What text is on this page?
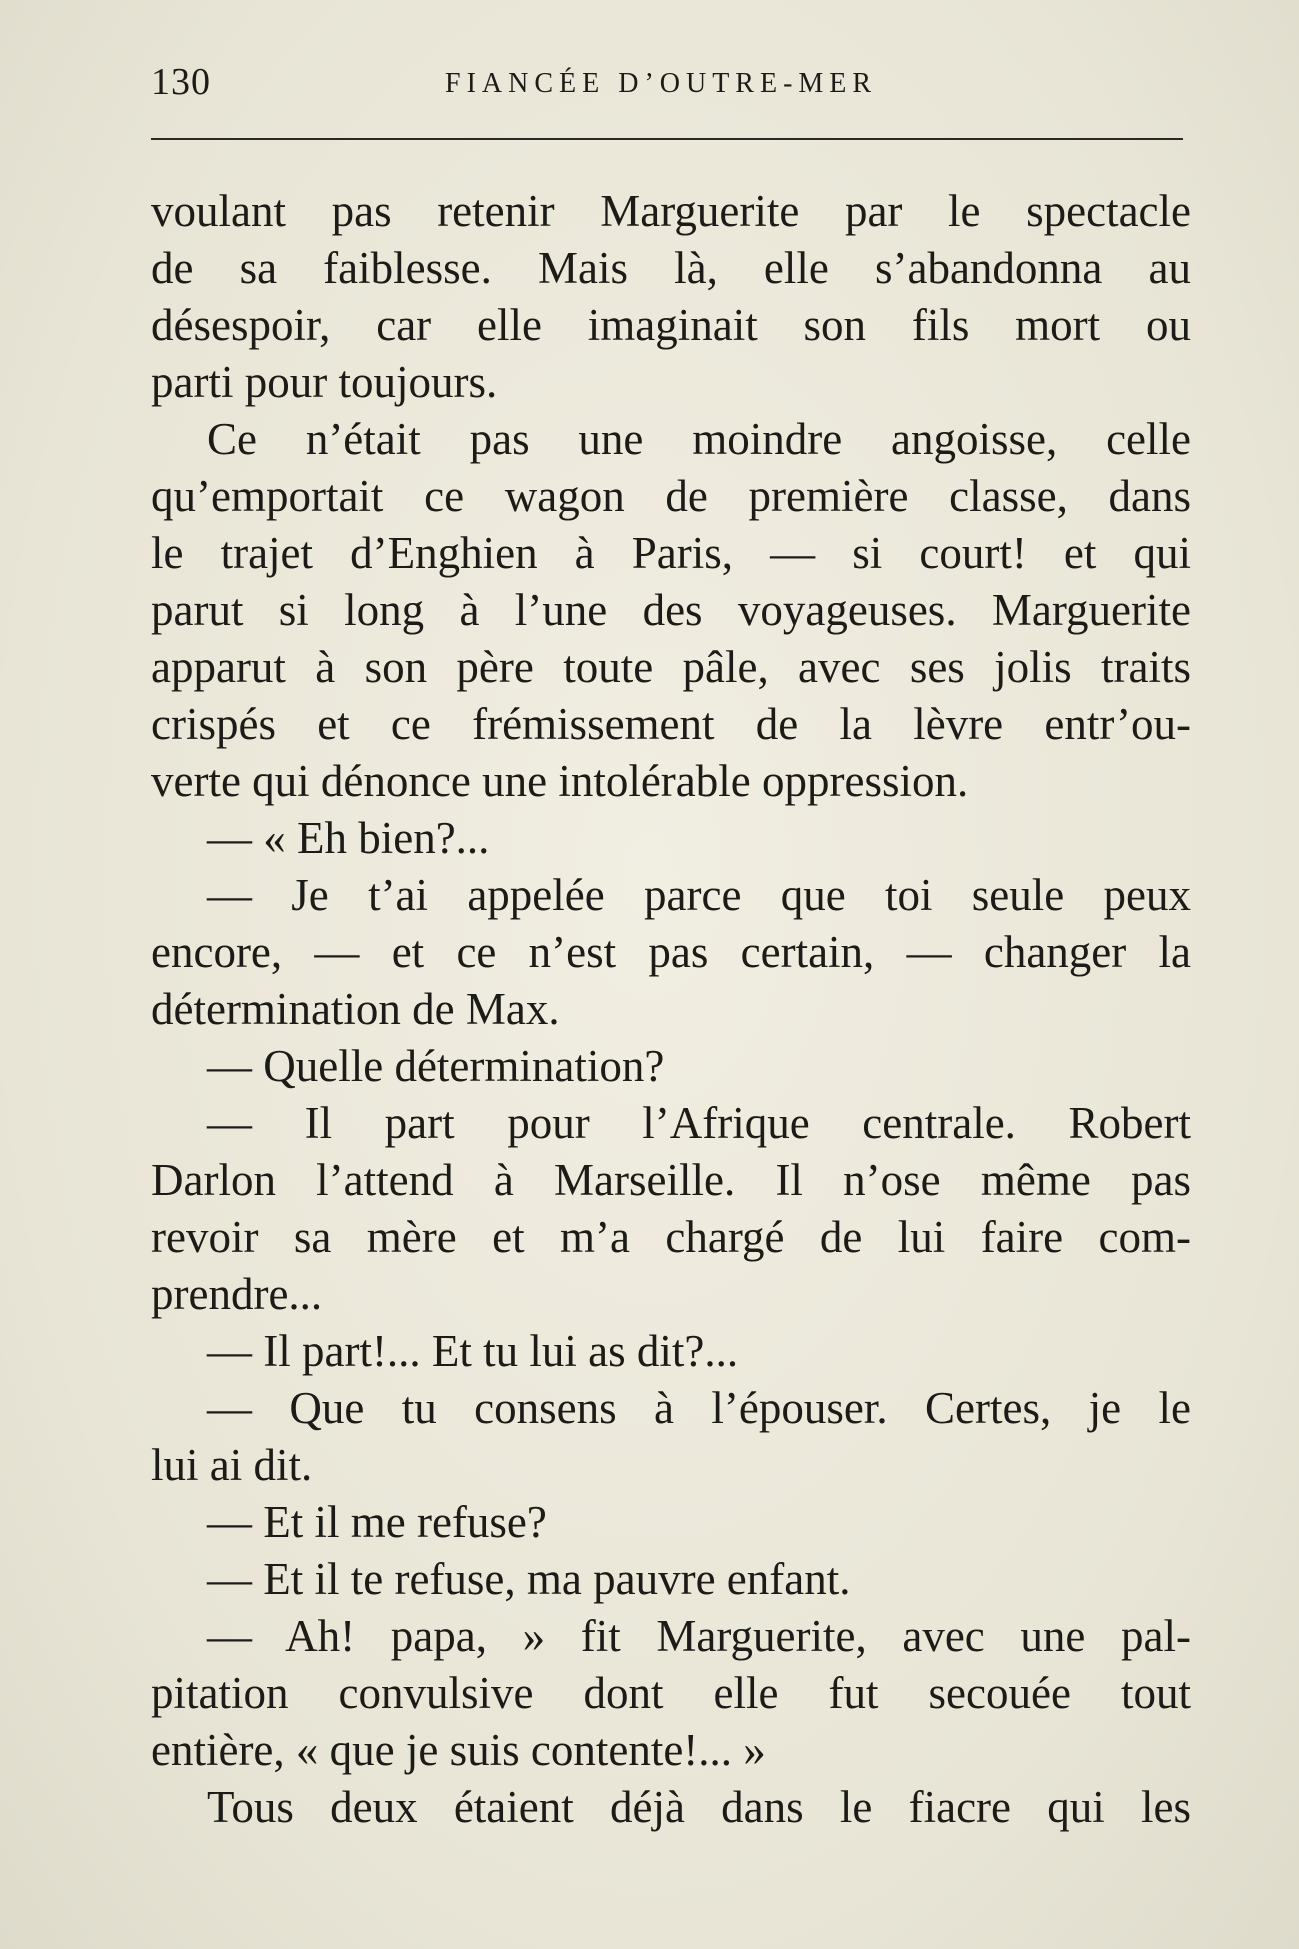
130	FIANCÉE D’OUTRE-MER
voulant pas retenir Marguerite par le spectacle
de sa faiblesse. Mais là, elle s’abandonna au
désespoir, car elle imaginait son fils mort ou
parti pour toujours.
Ce n’était pas une moindre angoisse, celle
qu’emportait ce wagon de première classe, dans
le trajet d’Enghien à Paris, — si court! et qui
parut si long à l’une des voyageuses. Marguerite
apparut à son père toute pâle, avec ses jolis traits
crispés et ce frémissement de la lèvre entr’ou-
verte qui dénonce une intolérable oppression.
— « Eh bien?...
— Je t’ai appelée parce que toi seule peux
encore, — et ce n’est pas certain, — changer la
détermination de Max.
— Quelle détermination?
— Il part pour l’Afrique centrale. Robert
Darlon l’attend à Marseille. Il n’ose même pas
revoir sa mère et m’a chargé de lui faire com-
prendre...
— Il part!... Et tu lui as dit?...
— Que tu consens à l’épouser. Certes, je le
lui ai dit.
— Et il me refuse?
— Et il te refuse, ma pauvre enfant.
— Ah! papa, » fit Marguerite, avec une pal-
pitation convulsive dont elle fut secouée tout
entière, « que je suis contente!... »
Tous deux étaient déjà dans le fiacre qui les
